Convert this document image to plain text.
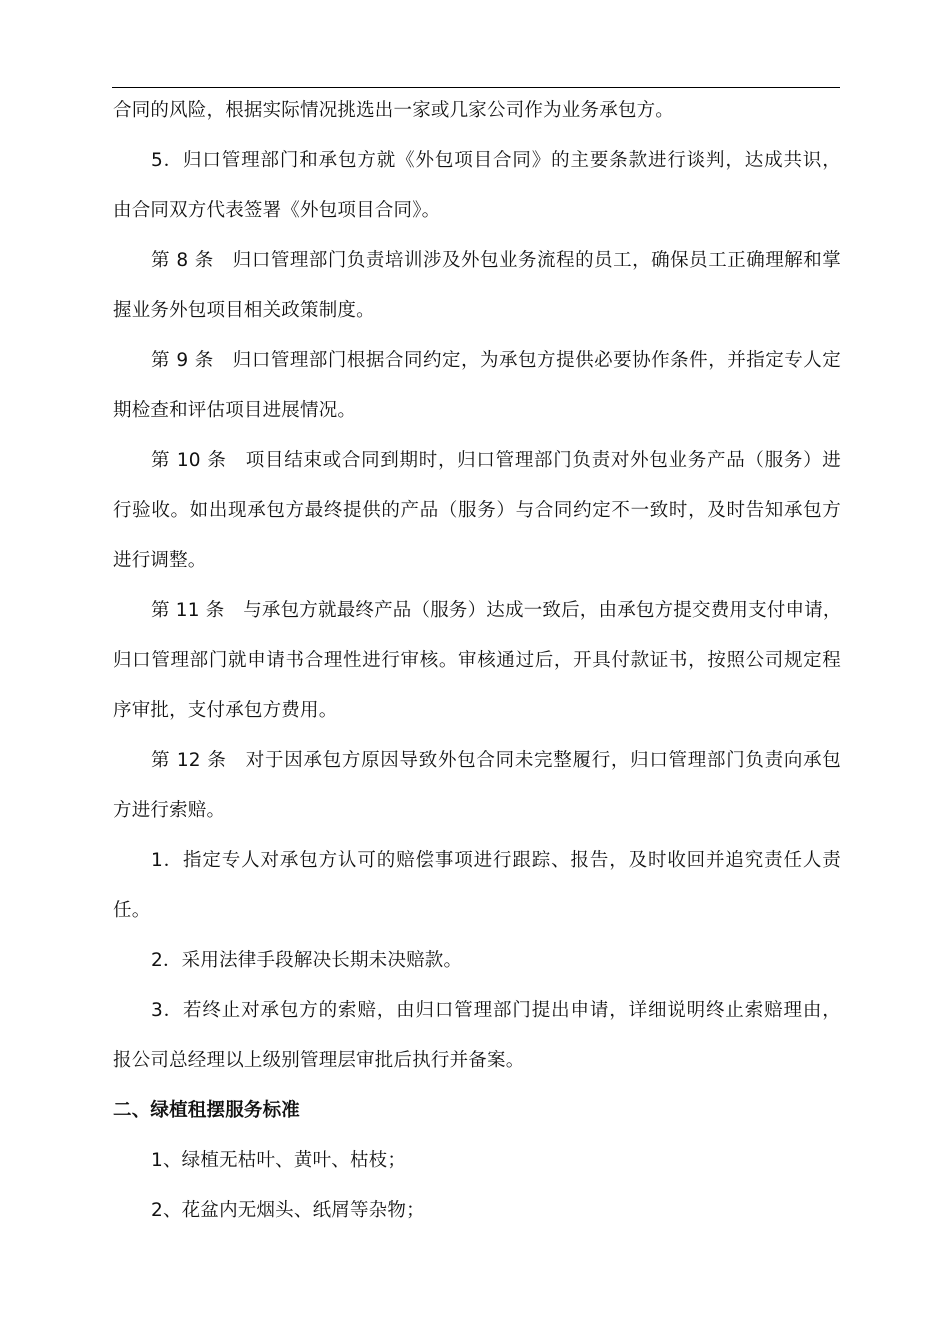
合同的风险，根据实际情况挑选出一家或几家公司作为业务承包方。
5．归口管理部门和承包方就《外包项目合同》的主要条款进行谈判，达成共识，
由合同双方代表签署《外包项目合同》。
第 8 条　归口管理部门负责培训涉及外包业务流程的员工，确保员工正确理解和掌
握业务外包项目相关政策制度。
第 9 条　归口管理部门根据合同约定，为承包方提供必要协作条件，并指定专人定
期检查和评估项目进展情况。
第 10 条　项目结束或合同到期时，归口管理部门负责对外包业务产品（服务）进
行验收。如出现承包方最终提供的产品（服务）与合同约定不一致时，及时告知承包方
进行调整。
第 11 条　与承包方就最终产品（服务）达成一致后，由承包方提交费用支付申请，
归口管理部门就申请书合理性进行审核。审核通过后，开具付款证书，按照公司规定程
序审批，支付承包方费用。
第 12 条　对于因承包方原因导致外包合同未完整履行，归口管理部门负责向承包
方进行索赔。
1．指定专人对承包方认可的赔偿事项进行跟踪、报告，及时收回并追究责任人责
任。
2．采用法律手段解决长期未决赔款。
3．若终止对承包方的索赔，由归口管理部门提出申请，详细说明终止索赔理由，
报公司总经理以上级别管理层审批后执行并备案。
二、绿植租摆服务标准
1、绿植无枯叶、黄叶、枯枝；
2、花盆内无烟头、纸屑等杂物；
